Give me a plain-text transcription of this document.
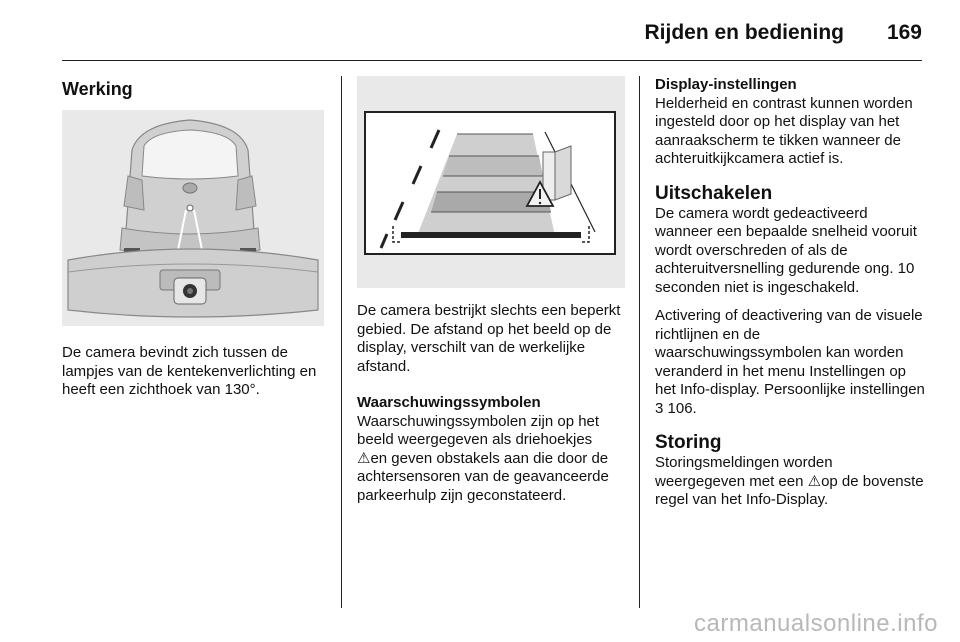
Rijden en bediening 169
Werking

De camera bevindt zich tussen de lampjes van de kentekenverlichting en heeft een zichthoek van 130°.

De camera bestrijkt slechts een beperkt gebied. De afstand op het beeld op de display, verschilt van de werkelijke afstand.

Waarschuwingssymbolen

Waarschuwingssymbolen zijn op het beeld weergegeven als driehoekjes ⚠en geven obstakels aan die door de achtersensoren van de geavanceerde parkeerhulp zijn geconstateerd.

Display-instellingen

Helderheid en contrast kunnen worden ingesteld door op het display van het aanraakscherm te tikken wanneer de achteruitkijkcamera actief is.

Uitschakelen

De camera wordt gedeactiveerd wanneer een bepaalde snelheid vooruit wordt overschreden of als de achteruitversnelling gedurende ong. 10 seconden niet is ingeschakeld.

Activering of deactivering van de visuele richtlijnen en de waarschuwingssymbolen kan worden veranderd in het menu Instellingen op het Info-display. Persoonlijke instellingen 3 106.

Storing

Storingsmeldingen worden weergegeven met een ⚠op de bovenste regel van het Info-Display.

carmanualsonline.info
